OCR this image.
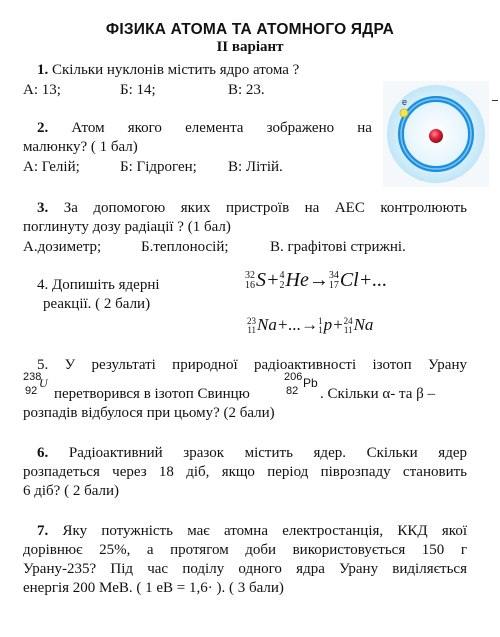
ФІЗИКА АТОМА ТА АТОМНОГО ЯДРА
ІІ варіант
1. Скільки нуклонів містить ядро атома ?
А: 13;	Б: 14;	В: 23.
2. Атом якого елемента зображено на
малюнку? ( 1 бал)
А: Гелій;	Б: Гідроген; В: Літій.
e
3. За допомогою яких пристроїв на АЕС контролюють
поглинуту дозу радіації ? (1 бал)
А.дозиметр;	Б.теплоносій;	В. графітові стрижні.
4. Допишіть ядерні
реакції. ( 2 бали)
32
16 S+ 4
2 He→ 34
17 Cl+...
23
11 Na+...→ 1
1 p+ 24
11 Na
5. У результаті природної радіоактивності ізотоп Урану
238
92
U
перетворився в ізотоп Свинцю
206
82
Pb
. Скільки α- та β –
розпадів відбулося при цьому? (2 бали)
6. Радіоактивний зразок містить ядер. Скільки ядер
розпадеться через 18 діб, якщо період піврозпаду становить
6 діб? ( 2 бали)
7. Яку потужність має атомна електростанція, ККД якої
дорівнює 25%, а протягом доби використовується 150 г
Урану-235? Під час поділу одного ядра Урану виділяється
енергія 200 МеВ. ( 1 еВ = 1,6· ). ( 3 бали)
